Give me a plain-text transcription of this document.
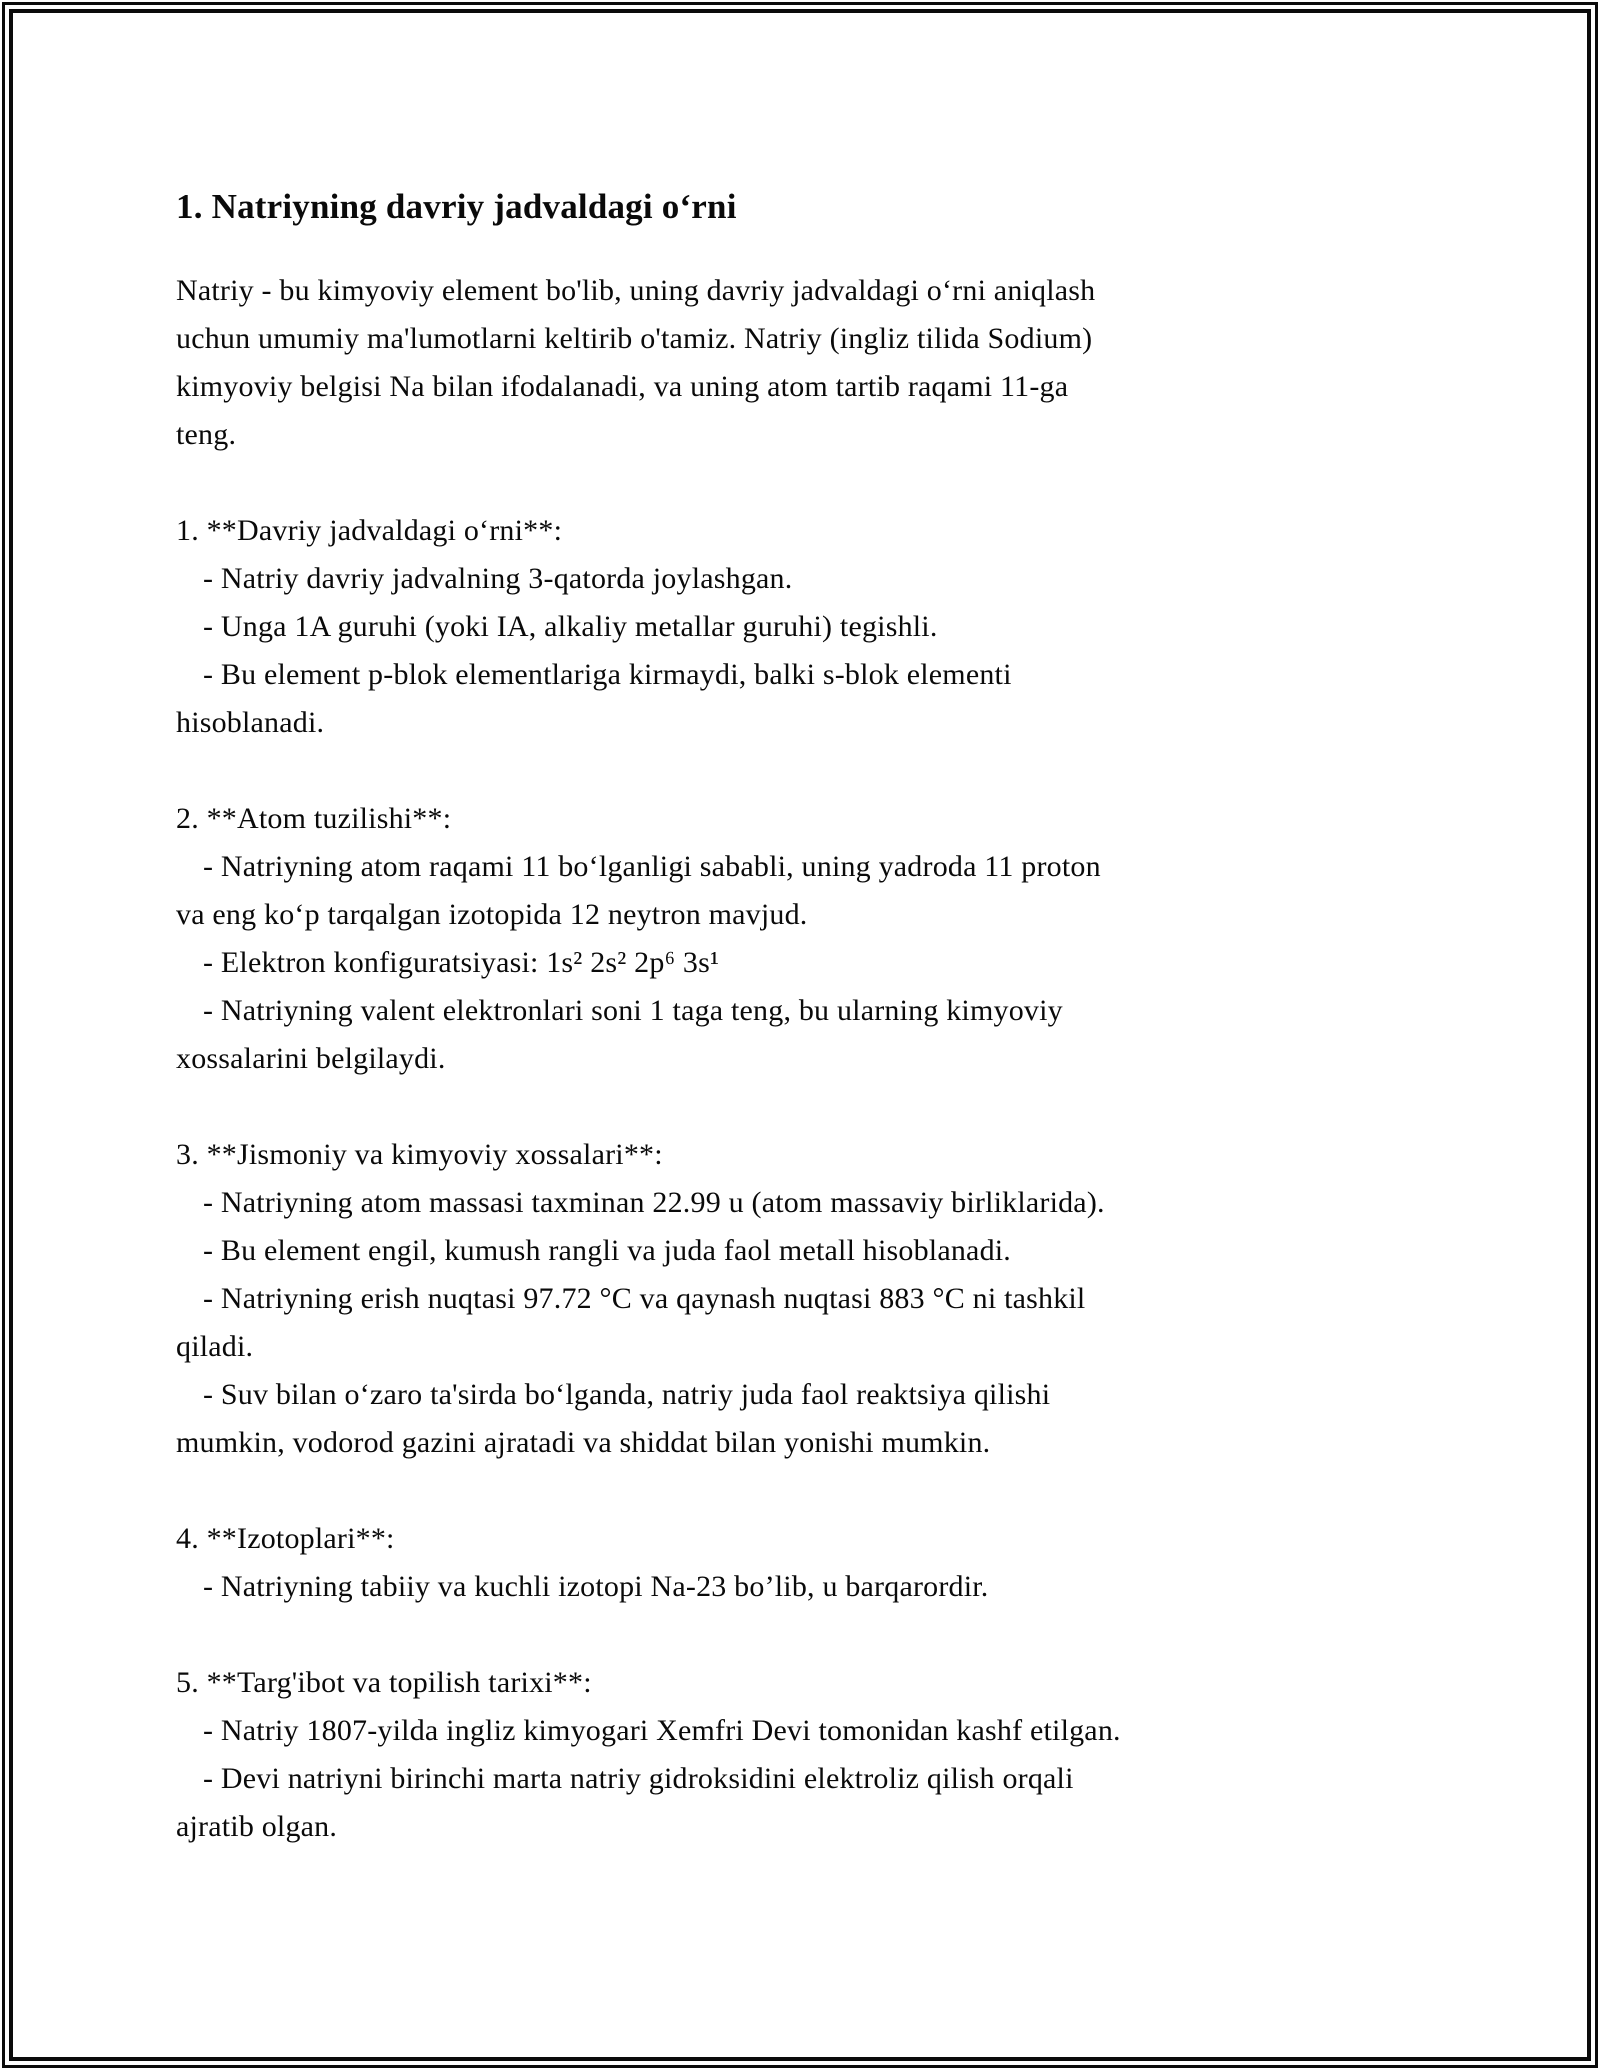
1. Natriyning davriy jadvaldagi oʻrni
Natriy - bu kimyoviy element bo'lib, uning davriy jadvaldagi oʻrni aniqlash
uchun umumiy ma'lumotlarni keltirib o'tamiz. Natriy (ingliz tilida Sodium)
kimyoviy belgisi Na bilan ifodalanadi, va uning atom tartib raqami 11-ga
teng.

1. **Davriy jadvaldagi oʻrni**:
- Natriy davriy jadvalning 3-qatorda joylashgan.
- Unga 1A guruhi (yoki IA, alkaliy metallar guruhi) tegishli.
- Bu element p-blok elementlariga kirmaydi, balki s-blok elementi
hisoblanadi.

2. **Atom tuzilishi**:
- Natriyning atom raqami 11 boʻlganligi sababli, uning yadroda 11 proton
va eng koʻp tarqalgan izotopida 12 neytron mavjud.
- Elektron konfiguratsiyasi: 1s² 2s² 2p⁶ 3s¹
- Natriyning valent elektronlari soni 1 taga teng, bu ularning kimyoviy
xossalarini belgilaydi.

3. **Jismoniy va kimyoviy xossalari**:
- Natriyning atom massasi taxminan 22.99 u (atom massaviy birliklarida).
- Bu element engil, kumush rangli va juda faol metall hisoblanadi.
- Natriyning erish nuqtasi 97.72 °C va qaynash nuqtasi 883 °C ni tashkil
qiladi.
- Suv bilan oʻzaro ta'sirda boʻlganda, natriy juda faol reaktsiya qilishi
mumkin, vodorod gazini ajratadi va shiddat bilan yonishi mumkin.

4. **Izotoplari**:
- Natriyning tabiiy va kuchli izotopi Na-23 bo’lib, u barqarordir.

5. **Targ'ibot va topilish tarixi**:
- Natriy 1807-yilda ingliz kimyogari Xemfri Devi tomonidan kashf etilgan.
- Devi natriyni birinchi marta natriy gidroksidini elektroliz qilish orqali
ajratib olgan.
